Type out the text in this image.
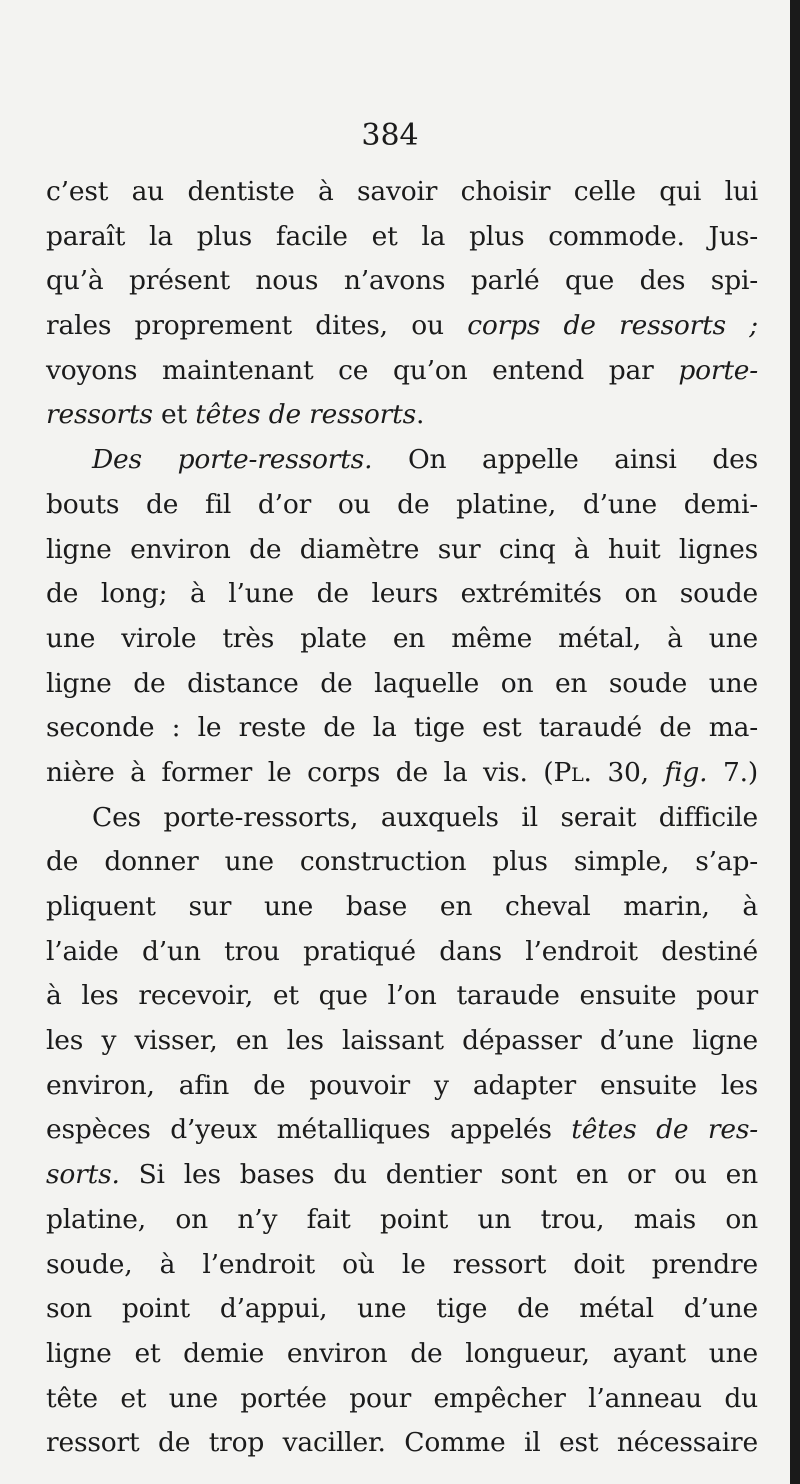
384
c’est au dentiste à savoir choisir celle qui lui
paraît la plus facile et la plus commode. Jus-
qu’à présent nous n’avons parlé que des spi-
rales proprement dites, ou corps de ressorts ;
voyons maintenant ce qu’on entend par porte-
ressorts et têtes de ressorts.
Des porte-ressorts. On appelle ainsi des
bouts de fil d’or ou de platine, d’une demi-
ligne environ de diamètre sur cinq à huit lignes
de long; à l’une de leurs extrémités on soude
une virole très plate en même métal, à une
ligne de distance de laquelle on en soude une
seconde : le reste de la tige est taraudé de ma-
nière à former le corps de la vis. (Pl. 30, fig. 7.)
Ces porte-ressorts, auxquels il serait difficile
de donner une construction plus simple, s’ap-
pliquent sur une base en cheval marin, à
l’aide d’un trou pratiqué dans l’endroit destiné
à les recevoir, et que l’on taraude ensuite pour
les y visser, en les laissant dépasser d’une ligne
environ, afin de pouvoir y adapter ensuite les
espèces d’yeux métalliques appelés têtes de res-
sorts. Si les bases du dentier sont en or ou en
platine, on n’y fait point un trou, mais on
soude, à l’endroit où le ressort doit prendre
son point d’appui, une tige de métal d’une
ligne et demie environ de longueur, ayant une
tête et une portée pour empêcher l’anneau du
ressort de trop vaciller. Comme il est nécessaire
